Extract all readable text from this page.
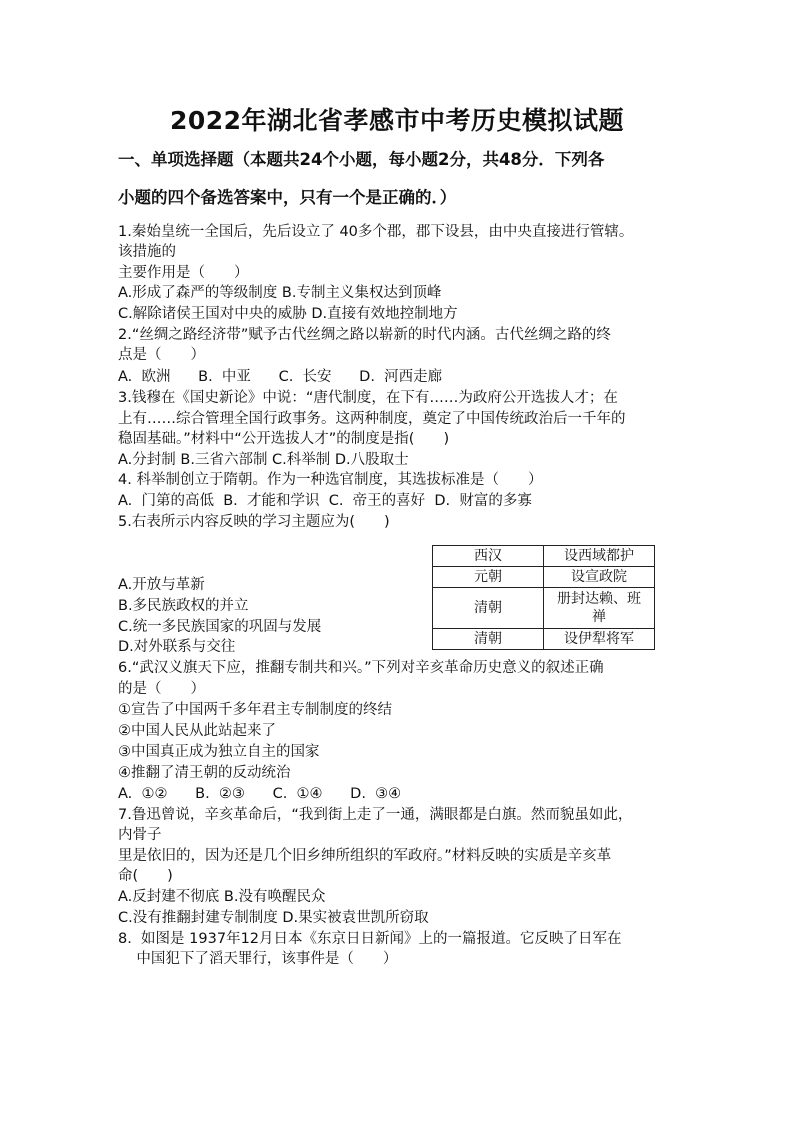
2022年湖北省孝感市中考历史模拟试题
一、单项选择题（本题共24个小题，每小题2分，共48分．下列各
小题的四个备选答案中，只有一个是正确的．）
1.秦始皇统一全国后，先后设立了 40多个郡，郡下设县，由中央直接进行管辖。
该措施的
主要作用是（　　）
A.形成了森严的等级制度 B.专制主义集权达到顶峰
C.解除诸侯王国对中央的威胁 D.直接有效地控制地方
2.“丝绸之路经济带”赋予古代丝绸之路以崭新的时代内涵。古代丝绸之路的终
点是（　　）
A.  欧洲      B.  中亚      C.  长安      D.  河西走廊
3.钱穆在《国史新论》中说：“唐代制度，在下有……为政府公开选拔人才；在
上有……综合管理全国行政事务。这两种制度，奠定了中国传统政治后一千年的
稳固基础。”材料中“公开选拔人才”的制度是指(　　)
A.分封制 B.三省六部制 C.科举制 D.八股取士
4. 科举制创立于隋朝。作为一种选官制度，其选拔标准是（　　）
A.  门第的高低  B.  才能和学识  C.  帝王的喜好  D.  财富的多寡
5.右表所示内容反映的学习主题应为(　　)
A.开放与革新
B.多民族政权的并立
C.统一多民族国家的巩固与发展
D.对外联系与交往
西汉	设西域都护
元朝	设宣政院
清朝	册封达赖、班
禅

清朝	设伊犁将军
6.“武汉义旗天下应，推翻专制共和兴。”下列对辛亥革命历史意义的叙述正确
的是（　　）
①宣告了中国两千多年君主专制制度的终结
②中国人民从此站起来了
③中国真正成为独立自主的国家
④推翻了清王朝的反动统治
A.  ①②      B.  ②③      C.  ①④      D.  ③④
7.鲁迅曾说，辛亥革命后，“我到街上走了一通，满眼都是白旗。然而貌虽如此，
内骨子
里是依旧的，因为还是几个旧乡绅所组织的军政府。”材料反映的实质是辛亥革
命(　　)
A.反封建不彻底 B.没有唤醒民众
C.没有推翻封建专制制度 D.果实被袁世凯所窃取
8.  如图是 1937年12月日本《东京日日新闻》上的一篇报道。它反映了日军在
中国犯下了滔天罪行，该事件是（　　）
